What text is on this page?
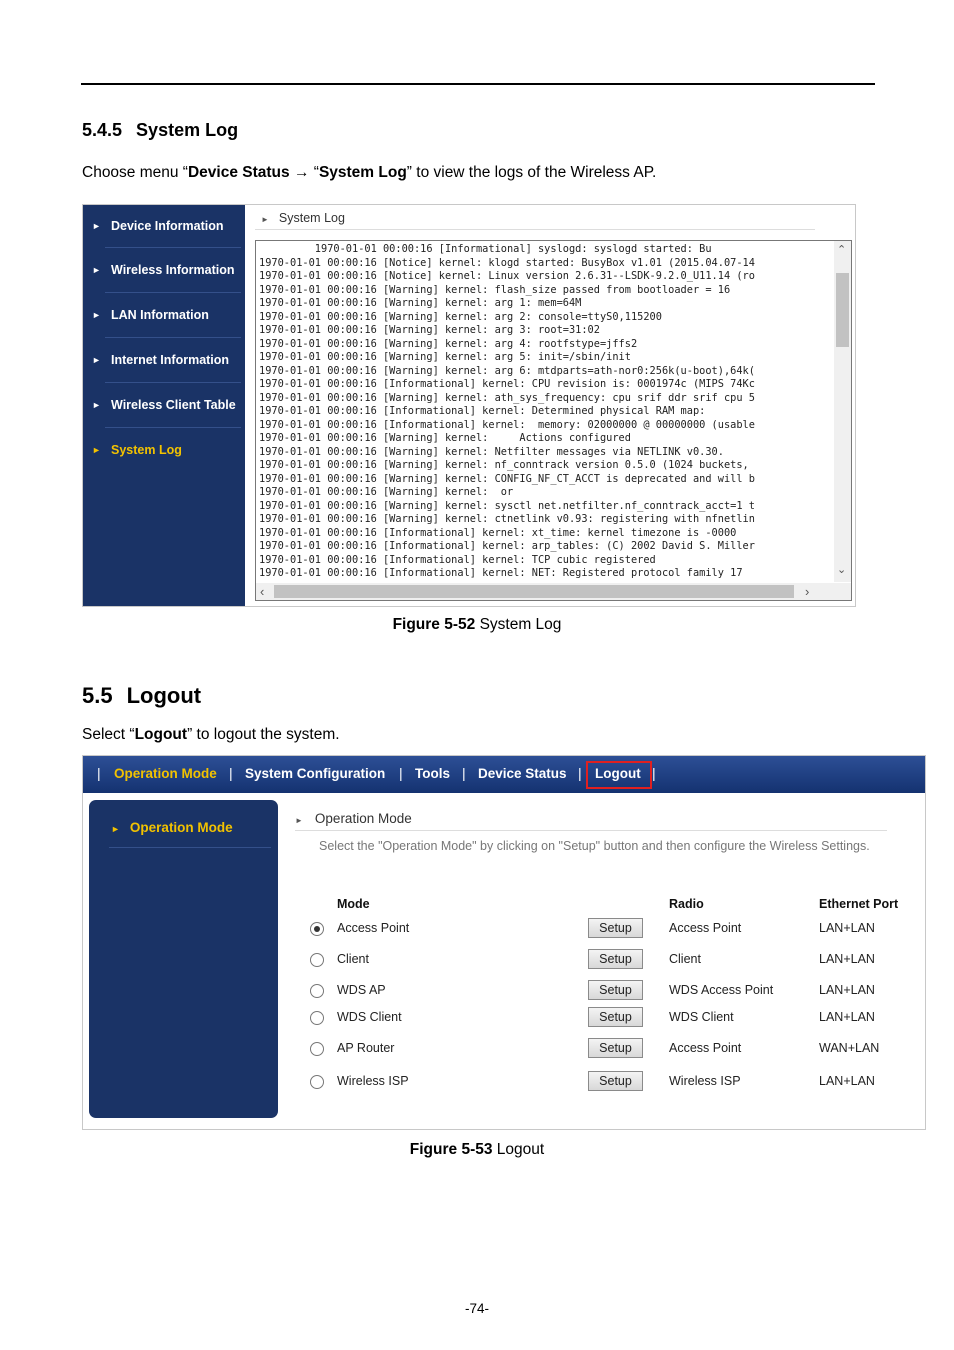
5.4.5 System Log
Choose menu “Device Status → “System Log” to view the logs of the Wireless AP.
► Device Information
► Wireless Information
► LAN Information
► Internet Information
► Wireless Client Table
► System Log
► System Log
1970-01-01 00:00:16 [Informational] syslogd: syslogd started: Bu
1970-01-01 00:00:16 [Notice] kernel: klogd started: BusyBox v1.01 (2015.04.07-14
1970-01-01 00:00:16 [Notice] kernel: Linux version 2.6.31--LSDK-9.2.0_U11.14 (ro
1970-01-01 00:00:16 [Warning] kernel: flash_size passed from bootloader = 16
1970-01-01 00:00:16 [Warning] kernel: arg 1: mem=64M
1970-01-01 00:00:16 [Warning] kernel: arg 2: console=ttyS0,115200
1970-01-01 00:00:16 [Warning] kernel: arg 3: root=31:02
1970-01-01 00:00:16 [Warning] kernel: arg 4: rootfstype=jffs2
1970-01-01 00:00:16 [Warning] kernel: arg 5: init=/sbin/init
1970-01-01 00:00:16 [Warning] kernel: arg 6: mtdparts=ath-nor0:256k(u-boot),64k(
1970-01-01 00:00:16 [Informational] kernel: CPU revision is: 0001974c (MIPS 74Kc
1970-01-01 00:00:16 [Warning] kernel: ath_sys_frequency: cpu srif ddr srif cpu 5
1970-01-01 00:00:16 [Informational] kernel: Determined physical RAM map:
1970-01-01 00:00:16 [Informational] kernel:  memory: 02000000 @ 00000000 (usable
1970-01-01 00:00:16 [Warning] kernel:     Actions configured
1970-01-01 00:00:16 [Warning] kernel: Netfilter messages via NETLINK v0.30.
1970-01-01 00:00:16 [Warning] kernel: nf_conntrack version 0.5.0 (1024 buckets,
1970-01-01 00:00:16 [Warning] kernel: CONFIG_NF_CT_ACCT is deprecated and will b
1970-01-01 00:00:16 [Warning] kernel:  or
1970-01-01 00:00:16 [Warning] kernel: sysctl net.netfilter.nf_conntrack_acct=1 t
1970-01-01 00:00:16 [Warning] kernel: ctnetlink v0.93: registering with nfnetlin
1970-01-01 00:00:16 [Informational] kernel: xt_time: kernel timezone is -0000
1970-01-01 00:00:16 [Informational] kernel: arp_tables: (C) 2002 David S. Miller
1970-01-01 00:00:16 [Informational] kernel: TCP cubic registered
1970-01-01 00:00:16 [Informational] kernel: NET: Registered protocol family 17
⌃
⌄
‹	›
Figure 5-52 System Log
5.5 Logout
Select “Logout” to logout the system.
| Operation Mode | System Configuration | Tools | Device Status | Logout |
► Operation Mode	► Operation Mode
Select the "Operation Mode" by clicking on "Setup" button and then configure the Wireless Settings.
Mode	Radio	Ethernet Port
Access Point	Setup	Access Point	LAN+LAN
Client	Setup	Client	LAN+LAN
WDS AP	Setup	WDS Access Point	LAN+LAN
WDS Client	Setup	WDS Client	LAN+LAN
AP Router	Setup	Access Point	WAN+LAN
Wireless ISP	Setup	Wireless ISP	LAN+LAN
Figure 5-53 Logout
-74-
